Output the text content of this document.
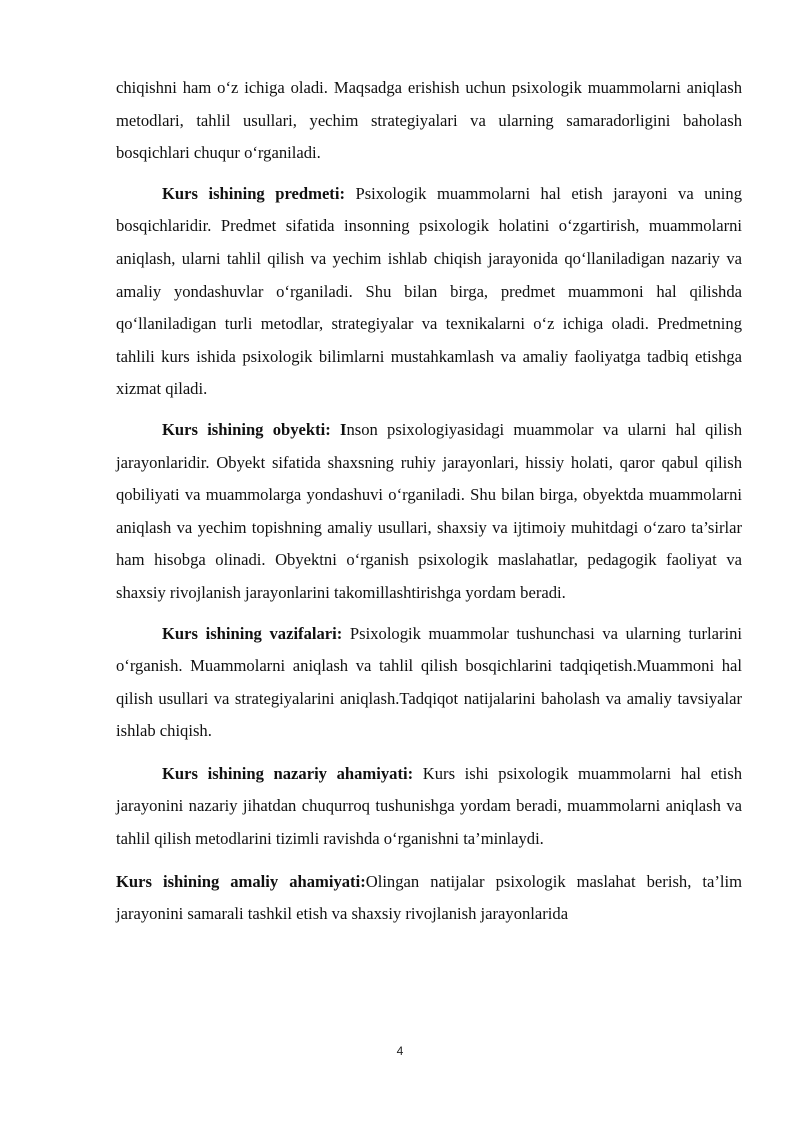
chiqishni ham o‘z ichiga oladi. Maqsadga erishish uchun psixologik muammolarni aniqlash metodlari, tahlil usullari, yechim strategiyalari va ularning samaradorligini baholash bosqichlari chuqur o‘rganiladi.

Kurs ishining predmeti: Psixologik muammolarni hal etish jarayoni va uning bosqichlaridir. Predmet sifatida insonning psixologik holatini o‘zgartirish, muammolarni aniqlash, ularni tahlil qilish va yechim ishlab chiqish jarayonida qo‘llaniladigan nazariy va amaliy yondashuvlar o‘rganiladi. Shu bilan birga, predmet muammoni hal qilishda qo‘llaniladigan turli metodlar, strategiyalar va texnikalarni o‘z ichiga oladi. Predmetning tahlili kurs ishida psixologik bilimlarni mustahkamlash va amaliy faoliyatga tadbiq etishga xizmat qiladi.

Kurs ishining obyekti: Inson psixologiyasidagi muammolar va ularni hal qilish jarayonlaridir. Obyekt sifatida shaxsning ruhiy jarayonlari, hissiy holati, qaror qabul qilish qobiliyati va muammolarga yondashuvi o‘rganiladi. Shu bilan birga, obyektda muammolarni aniqlash va yechim topishning amaliy usullari, shaxsiy va ijtimoiy muhitdagi o‘zaro ta’sirlar ham hisobga olinadi. Obyektni o‘rganish psixologik maslahatlar, pedagogik faoliyat va shaxsiy rivojlanish jarayonlarini takomillashtirishga yordam beradi.

Kurs ishining vazifalari: Psixologik muammolar tushunchasi va ularning turlarini o‘rganish. Muammolarni aniqlash va tahlil qilish bosqichlarini tadqiqetish.Muammoni hal qilish usullari va strategiyalarini aniqlash.Tadqiqot natijalarini baholash va amaliy tavsiyalar ishlab chiqish.

Kurs ishining nazariy ahamiyati: Kurs ishi psixologik muammolarni hal etish jarayonini nazariy jihatdan chuqurroq tushunishga yordam beradi, muammolarni aniqlash va tahlil qilish metodlarini tizimli ravishda o‘rganishni ta’minlaydi.

Kurs ishining amaliy ahamiyati:Olingan natijalar psixologik maslahat berish, ta’lim jarayonini samarali tashkil etish va shaxsiy rivojlanish jarayonlarida

4
